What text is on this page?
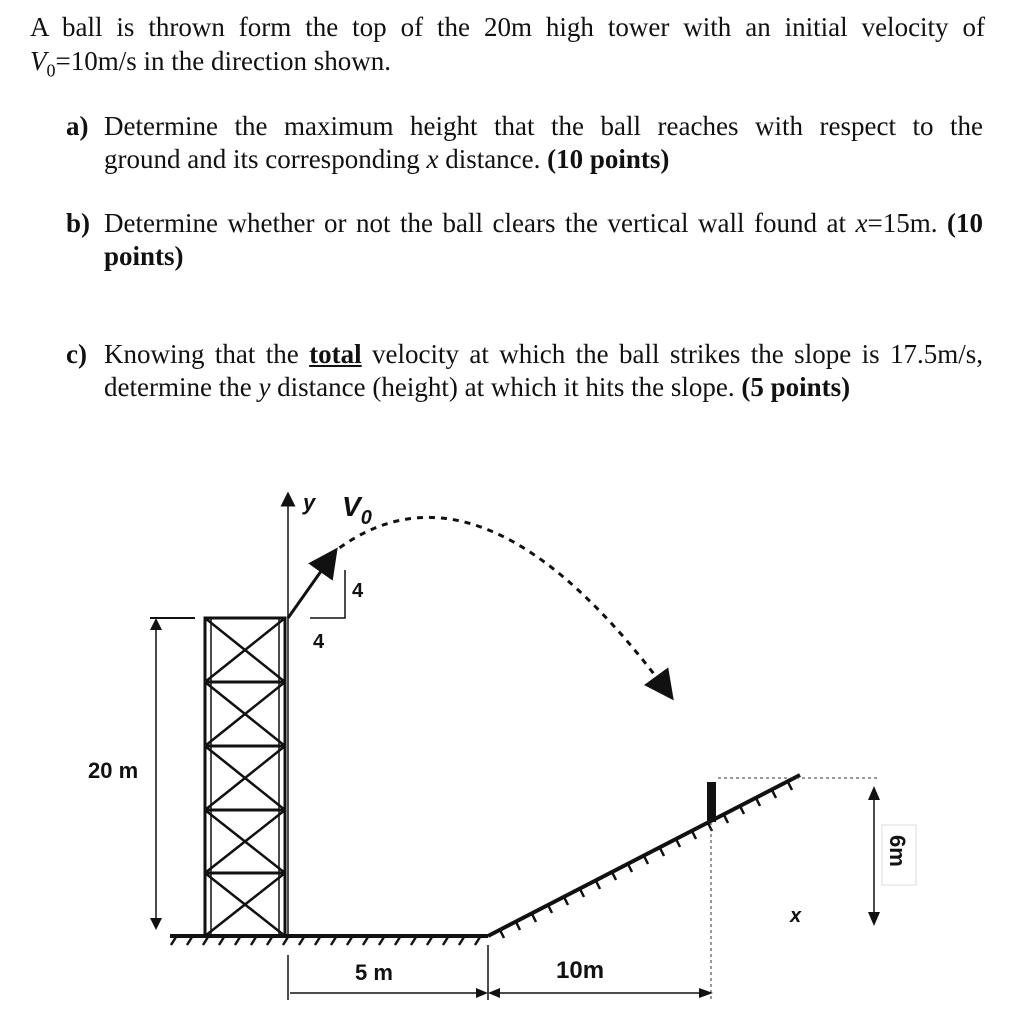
A ball is thrown form the top of the 20m high tower with an initial velocity of
$V_0=10m/s$ in the direction shown.
a) Determine the maximum height that the ball reaches with respect to the
ground and its corresponding x distance. (10 points)
b) Determine whether or not the ball clears the vertical wall found at x=15m. (10
points)
c) Knowing that the total velocity at which the ball strikes the slope is 17.5m/s,
determine the y distance (height) at which it hits the slope. (5 points)
y $V_0$
4
4
20 m
6m
x
5 m	10m
